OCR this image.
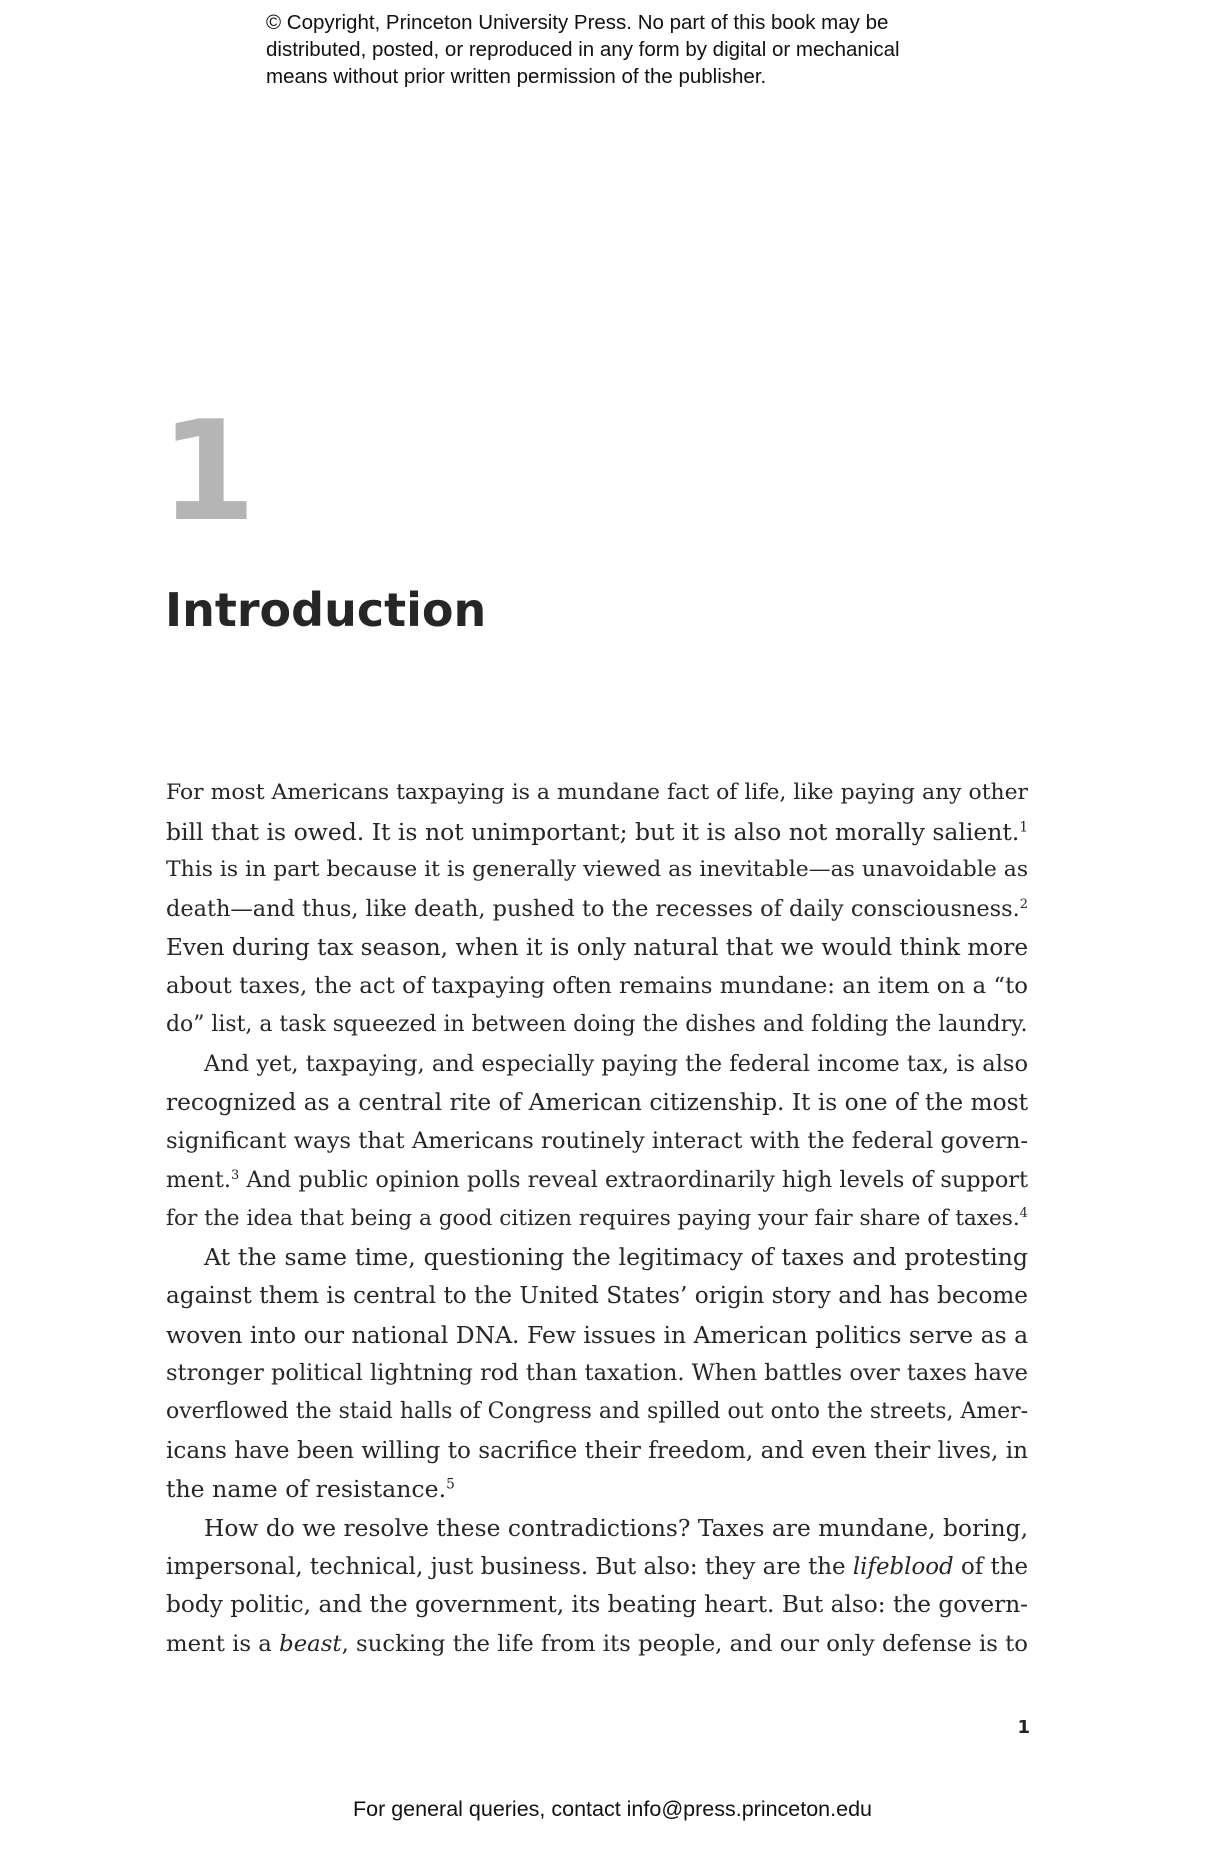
© Copyright, Princeton University Press. No part of this book may be
distributed, posted, or reproduced in any form by digital or mechanical
means without prior written permission of the publisher.
1
Introduction
For most Americans taxpaying is a mundane fact of life, like paying any other
bill that is owed. It is not unimportant; but it is also not morally salient.$^1$
This is in part because it is generally viewed as inevitable—as unavoidable as
death—and thus, like death, pushed to the recesses of daily consciousness.$^2$
Even during tax season, when it is only natural that we would think more
about taxes, the act of taxpaying often remains mundane: an item on a “to
do” list, a task squeezed in between doing the dishes and folding the laundry.
And yet, taxpaying, and especially paying the federal income tax, is also
recognized as a central rite of American citizenship. It is one of the most
significant ways that Americans routinely interact with the federal govern-
ment.$^3$ And public opinion polls reveal extraordinarily high levels of support
for the idea that being a good citizen requires paying your fair share of taxes.$^4$
At the same time, questioning the legitimacy of taxes and protesting
against them is central to the United States’ origin story and has become
woven into our national DNA. Few issues in American politics serve as a
stronger political lightning rod than taxation. When battles over taxes have
overflowed the staid halls of Congress and spilled out onto the streets, Amer-
icans have been willing to sacrifice their freedom, and even their lives, in
the name of resistance.$^5$
How do we resolve these contradictions? Taxes are mundane, boring,
impersonal, technical, just business. But also: they are the lifeblood of the
body politic, and the government, its beating heart. But also: the govern-
ment is a beast, sucking the life from its people, and our only defense is to
1
For general queries, contact info@press.princeton.edu
